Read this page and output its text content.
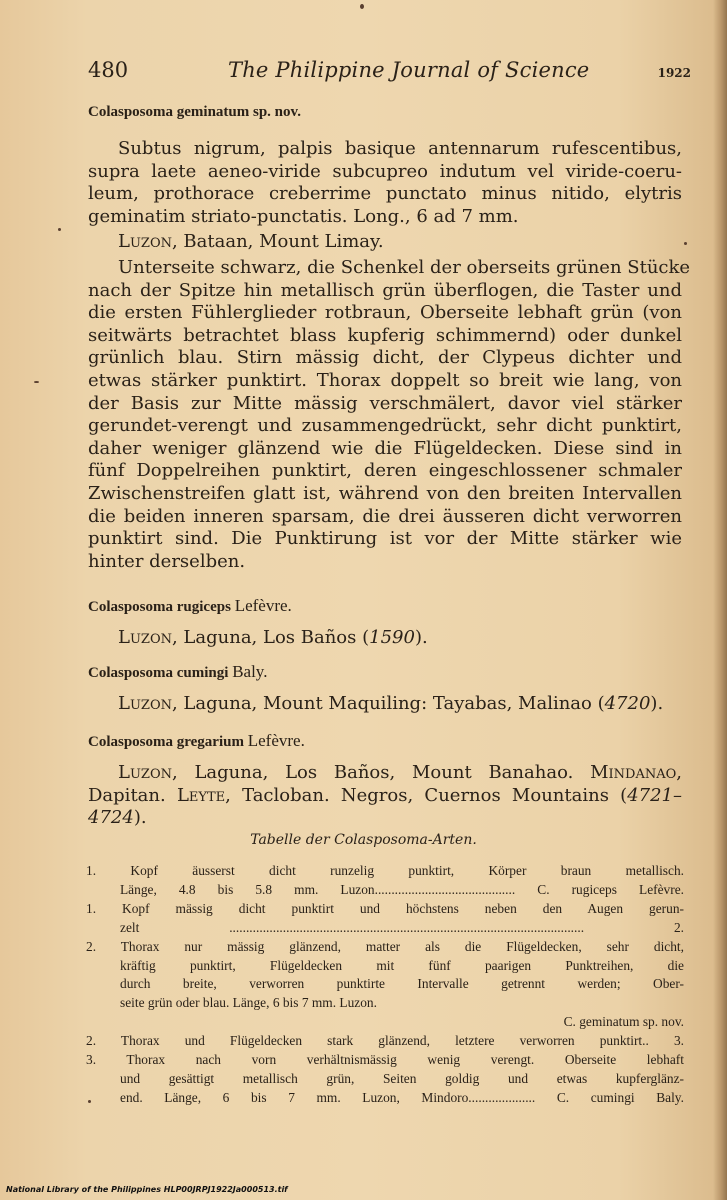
480	The Philippine Journal of Science	1922
Colasposoma geminatum sp. nov.
Subtus nigrum, palpis basique antennarum rufescentibus,
supra laete aeneo-viride subcupreo indutum vel viride-coeru-
leum, prothorace creberrime punctato minus nitido, elytris
geminatim striato-punctatis. Long., 6 ad 7 mm.
Luzon, Bataan, Mount Limay.
Unterseite schwarz, die Schenkel der oberseits grünen Stücke
nach der Spitze hin metallisch grün überflogen, die Taster und
die ersten Fühlerglieder rotbraun, Oberseite lebhaft grün (von
seitwärts betrachtet blass kupferig schimmernd) oder dunkel
grünlich blau. Stirn mässig dicht, der Clypeus dichter und
etwas stärker punktirt. Thorax doppelt so breit wie lang, von
der Basis zur Mitte mässig verschmälert, davor viel stärker
gerundet-verengt und zusammengedrückt, sehr dicht punktirt,
daher weniger glänzend wie die Flügeldecken. Diese sind in
fünf Doppelreihen punktirt, deren eingeschlossener schmaler
Zwischenstreifen glatt ist, während von den breiten Intervallen
die beiden inneren sparsam, die drei äusseren dicht verworren
punktirt sind. Die Punktirung ist vor der Mitte stärker wie
hinter derselben.
Colasposoma rugiceps Lefèvre.
Luzon, Laguna, Los Baños (1590).
Colasposoma cumingi Baly.
Luzon, Laguna, Mount Maquiling: Tayabas, Malinao (4720).
Colasposoma gregarium Lefèvre.
Luzon, Laguna, Los Baños, Mount Banahao. Mindanao,
Dapitan. Leyte, Tacloban. Negros, Cuernos Mountains (4721–
4724).
Tabelle der Colasposoma-Arten.
1. Kopf äusserst dicht runzelig punktirt, Körper braun metallisch.
Länge, 4.8 bis 5.8 mm. Luzon.......................................... C. rugiceps Lefèvre.
1. Kopf mässig dicht punktirt und höchstens neben den Augen gerun-
zelt .......................................................................................................... 2.
2. Thorax nur mässig glänzend, matter als die Flügeldecken, sehr dicht,
kräftig punktirt, Flügeldecken mit fünf paarigen Punktreihen, die
durch breite, verworren punktirte Intervalle getrennt werden; Ober-
seite grün oder blau. Länge, 6 bis 7 mm. Luzon.
C. geminatum sp. nov.
2. Thorax und Flügeldecken stark glänzend, letztere verworren punktirt.. 3.
3. Thorax nach vorn verhältnismässig wenig verengt. Oberseite lebhaft
und gesättigt metallisch grün, Seiten goldig und etwas kupferglänz-
end. Länge, 6 bis 7 mm. Luzon, Mindoro.................... C. cumingi Baly.
National Library of the Philippines HLP00JRPJ1922Ja000513.tif
